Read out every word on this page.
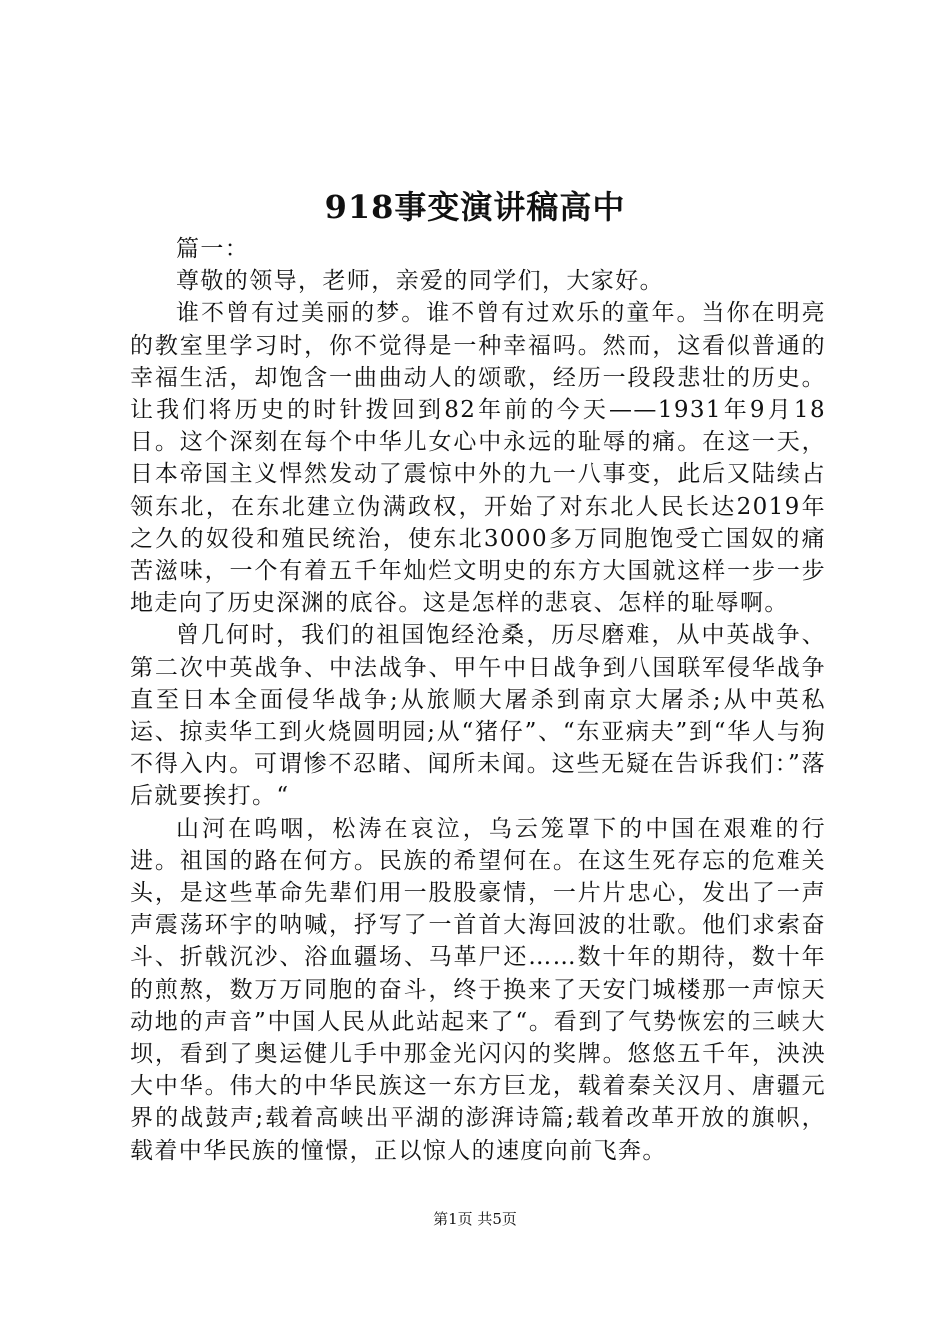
918事变演讲稿高中

篇一：

尊敬的领导，老师，亲爱的同学们，大家好。

谁不曾有过美丽的梦。谁不曾有过欢乐的童年。当你在明亮的教室里学习时，你不觉得是一种幸福吗。然而，这看似普通的幸福生活，却饱含一曲曲动人的颂歌，经历一段段悲壮的历史。让我们将历史的时针拨回到82年前的今天——1931年9月18日。这个深刻在每个中华儿女心中永远的耻辱的痛。在这一天，日本帝国主义悍然发动了震惊中外的九一八事变，此后又陆续占领东北，在东北建立伪满政权，开始了对东北人民长达2019年之久的奴役和殖民统治，使东北3000多万同胞饱受亡国奴的痛苦滋味，一个有着五千年灿烂文明史的东方大国就这样一步一步地走向了历史深渊的底谷。这是怎样的悲哀、怎样的耻辱啊。

曾几何时，我们的祖国饱经沧桑，历尽磨难，从中英战争、第二次中英战争、中法战争、甲午中日战争到八国联军侵华战争直至日本全面侵华战争;从旅顺大屠杀到南京大屠杀;从中英私运、掠卖华工到火烧圆明园;从“猪仔”、“东亚病夫”到“华人与狗不得入内。可谓惨不忍睹、闻所未闻。这些无疑在告诉我们：”落后就要挨打。“

山河在呜咽，松涛在哀泣，乌云笼罩下的中国在艰难的行进。祖国的路在何方。民族的希望何在。在这生死存忘的危难关头，是这些革命先辈们用一股股豪情，一片片忠心，发出了一声声震荡环宇的呐喊，抒写了一首首大海回波的壮歌。他们求索奋斗、折戟沉沙、浴血疆场、马革尸还……数十年的期待，数十年的煎熬，数万万同胞的奋斗，终于换来了天安门城楼那一声惊天动地的声音”中国人民从此站起来了“。看到了气势恢宏的三峡大坝，看到了奥运健儿手中那金光闪闪的奖牌。悠悠五千年，泱泱大中华。伟大的中华民族这一东方巨龙，载着秦关汉月、唐疆元界的战鼓声;载着高峡出平湖的澎湃诗篇;载着改革开放的旗帜，载着中华民族的憧憬，正以惊人的速度向前飞奔。

第1页 共5页
